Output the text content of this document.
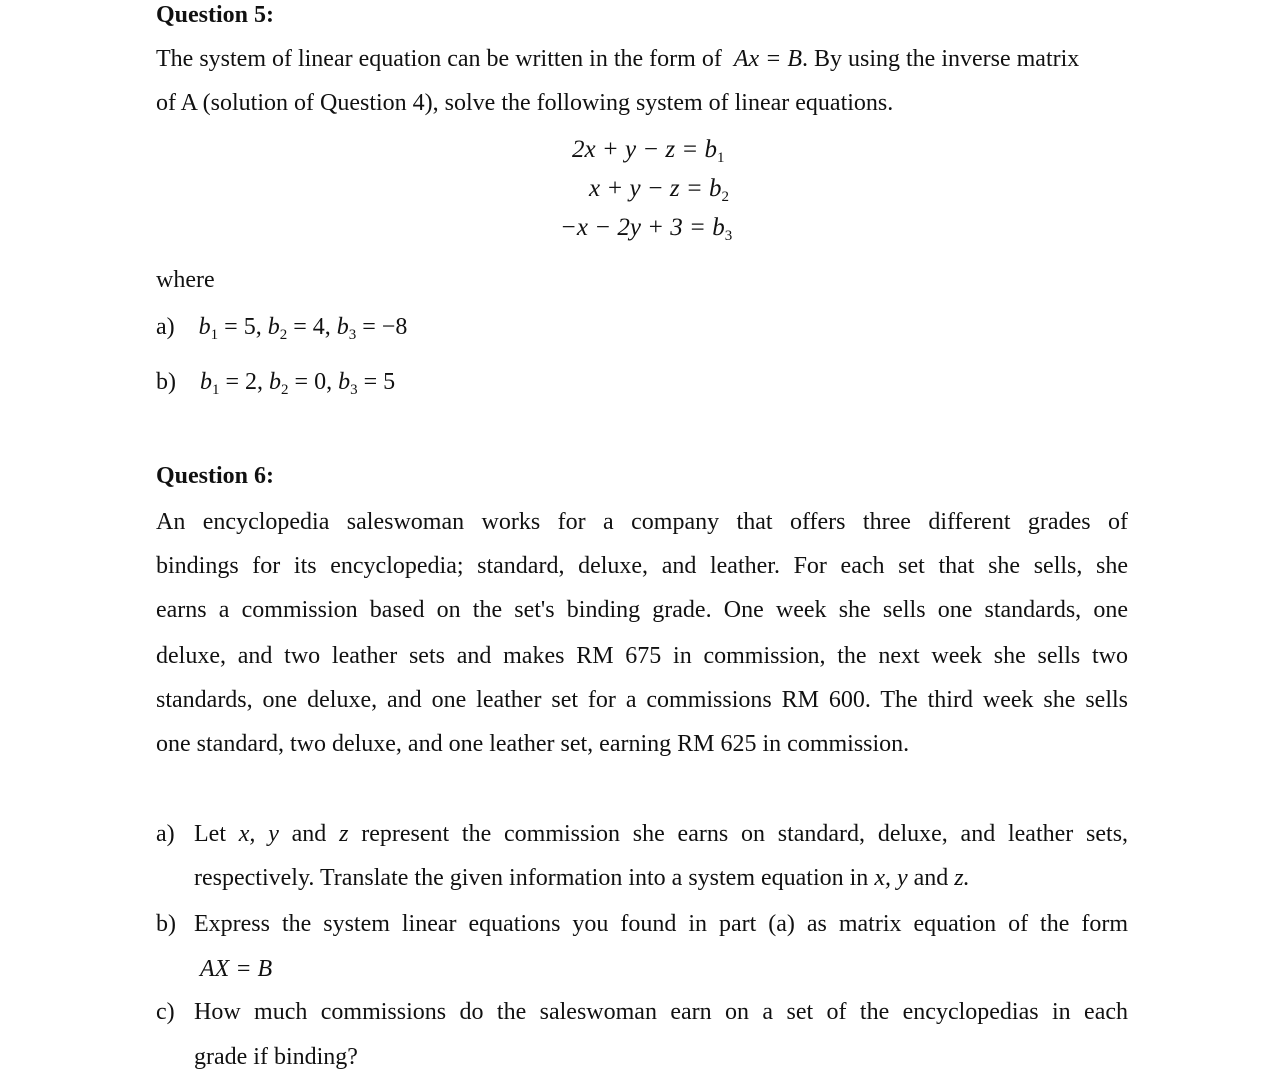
Question 5:
The system of linear equation can be written in the form of Ax = B. By using the inverse matrix
of A (solution of Question 4), solve the following system of linear equations.
$2x + y - z = b_1$
$x + y - z = b_2$
$-x - 2y + 3 = b_3$
where
a) $b_1 = 5$, $b_2 = 4$, $b_3 = -8$
b) $b_1 = 2$, $b_2 = 0$, $b_3 = 5$
Question 6:
An encyclopedia saleswoman works for a company that offers three different grades of
bindings for its encyclopedia; standard, deluxe, and leather. For each set that she sells, she
earns a commission based on the set's binding grade. One week she sells one standards, one
deluxe, and two leather sets and makes RM 675 in commission, the next week she sells two
standards, one deluxe, and one leather set for a commissions RM 600. The third week she sells
one standard, two deluxe, and one leather set, earning RM 625 in commission.
a) Let x, y and z represent the commission she earns on standard, deluxe, and leather sets,
respectively. Translate the given information into a system equation in x, y and z.
b) Express the system linear equations you found in part (a) as matrix equation of the form
AX = B
c) How much commissions do the saleswoman earn on a set of the encyclopedias in each
grade if binding?
